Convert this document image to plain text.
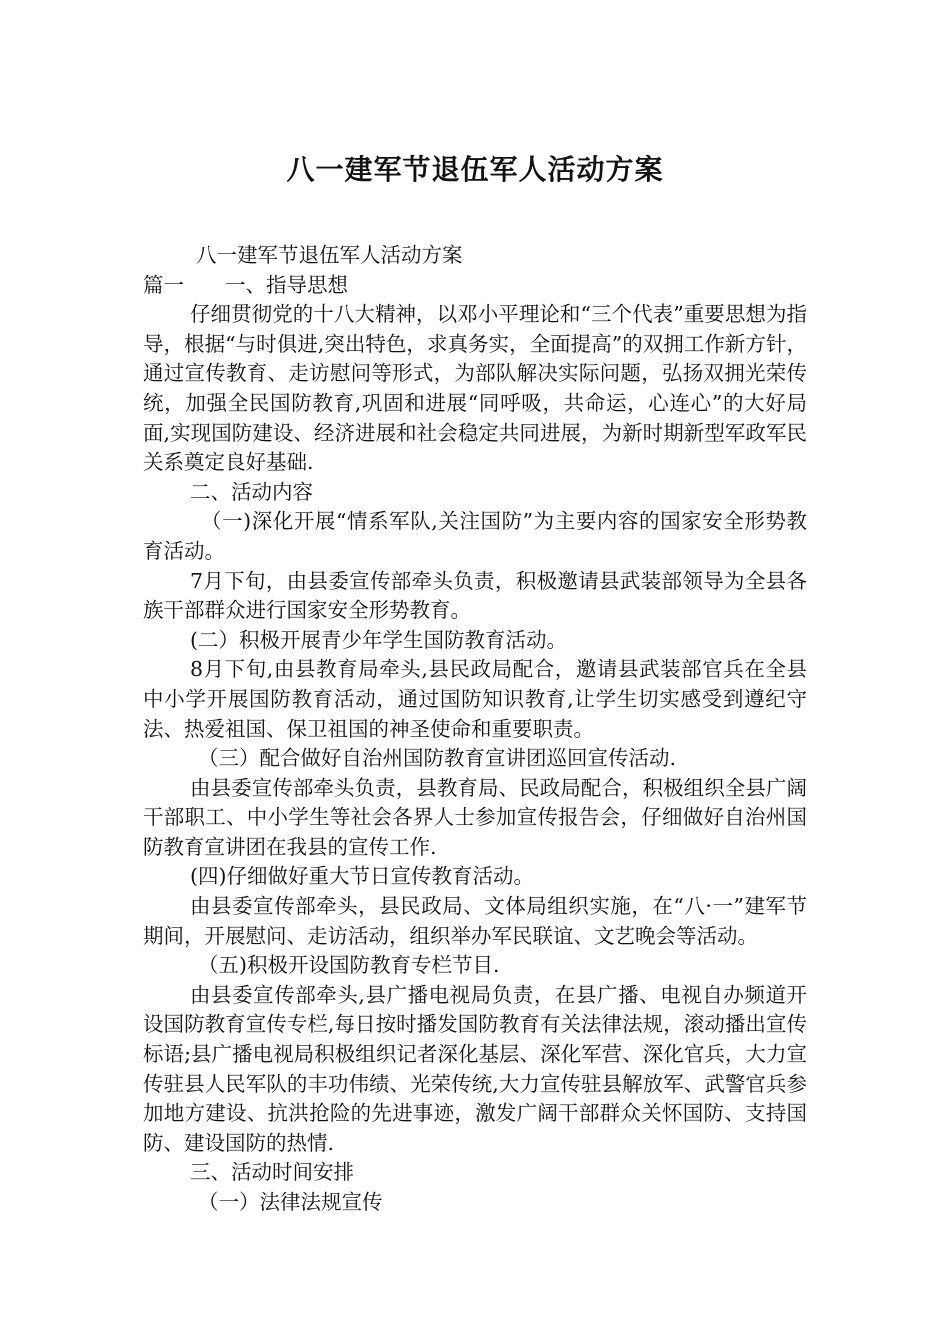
八一建军节退伍军人活动方案

八一建军节退伍军人活动方案

篇一 一、指导思想

仔细贯彻党的十八大精神，以邓小平理论和“三个代表”重要思想为指导，根据“与时俱进,突出特色，求真务实，全面提高”的双拥工作新方针，通过宣传教育、走访慰问等形式，为部队解决实际问题，弘扬双拥光荣传统，加强全民国防教育,巩固和进展“同呼吸，共命运，心连心”的大好局面,实现国防建设、经济进展和社会稳定共同进展，为新时期新型军政军民关系奠定良好基础.

二、活动内容

（一)深化开展“情系军队,关注国防”为主要内容的国家安全形势教育活动。

7月下旬，由县委宣传部牵头负责，积极邀请县武装部领导为全县各族干部群众进行国家安全形势教育。

(二）积极开展青少年学生国防教育活动。

8月下旬,由县教育局牵头,县民政局配合，邀请县武装部官兵在全县中小学开展国防教育活动，通过国防知识教育,让学生切实感受到遵纪守法、热爱祖国、保卫祖国的神圣使命和重要职责。

（三）配合做好自治州国防教育宣讲团巡回宣传活动.

由县委宣传部牵头负责，县教育局、民政局配合，积极组织全县广阔干部职工、中小学生等社会各界人士参加宣传报告会，仔细做好自治州国防教育宣讲团在我县的宣传工作.

(四)仔细做好重大节日宣传教育活动。

由县委宣传部牵头，县民政局、文体局组织实施，在“八·一”建军节期间，开展慰问、走访活动，组织举办军民联谊、文艺晚会等活动。

（五)积极开设国防教育专栏节目.

由县委宣传部牵头,县广播电视局负责，在县广播、电视自办频道开设国防教育宣传专栏,每日按时播发国防教育有关法律法规，滚动播出宣传标语;县广播电视局积极组织记者深化基层、深化军营、深化官兵，大力宣传驻县人民军队的丰功伟绩、光荣传统,大力宣传驻县解放军、武警官兵参加地方建设、抗洪抢险的先进事迹，激发广阔干部群众关怀国防、支持国防、建设国防的热情.

三、活动时间安排

（一）法律法规宣传
